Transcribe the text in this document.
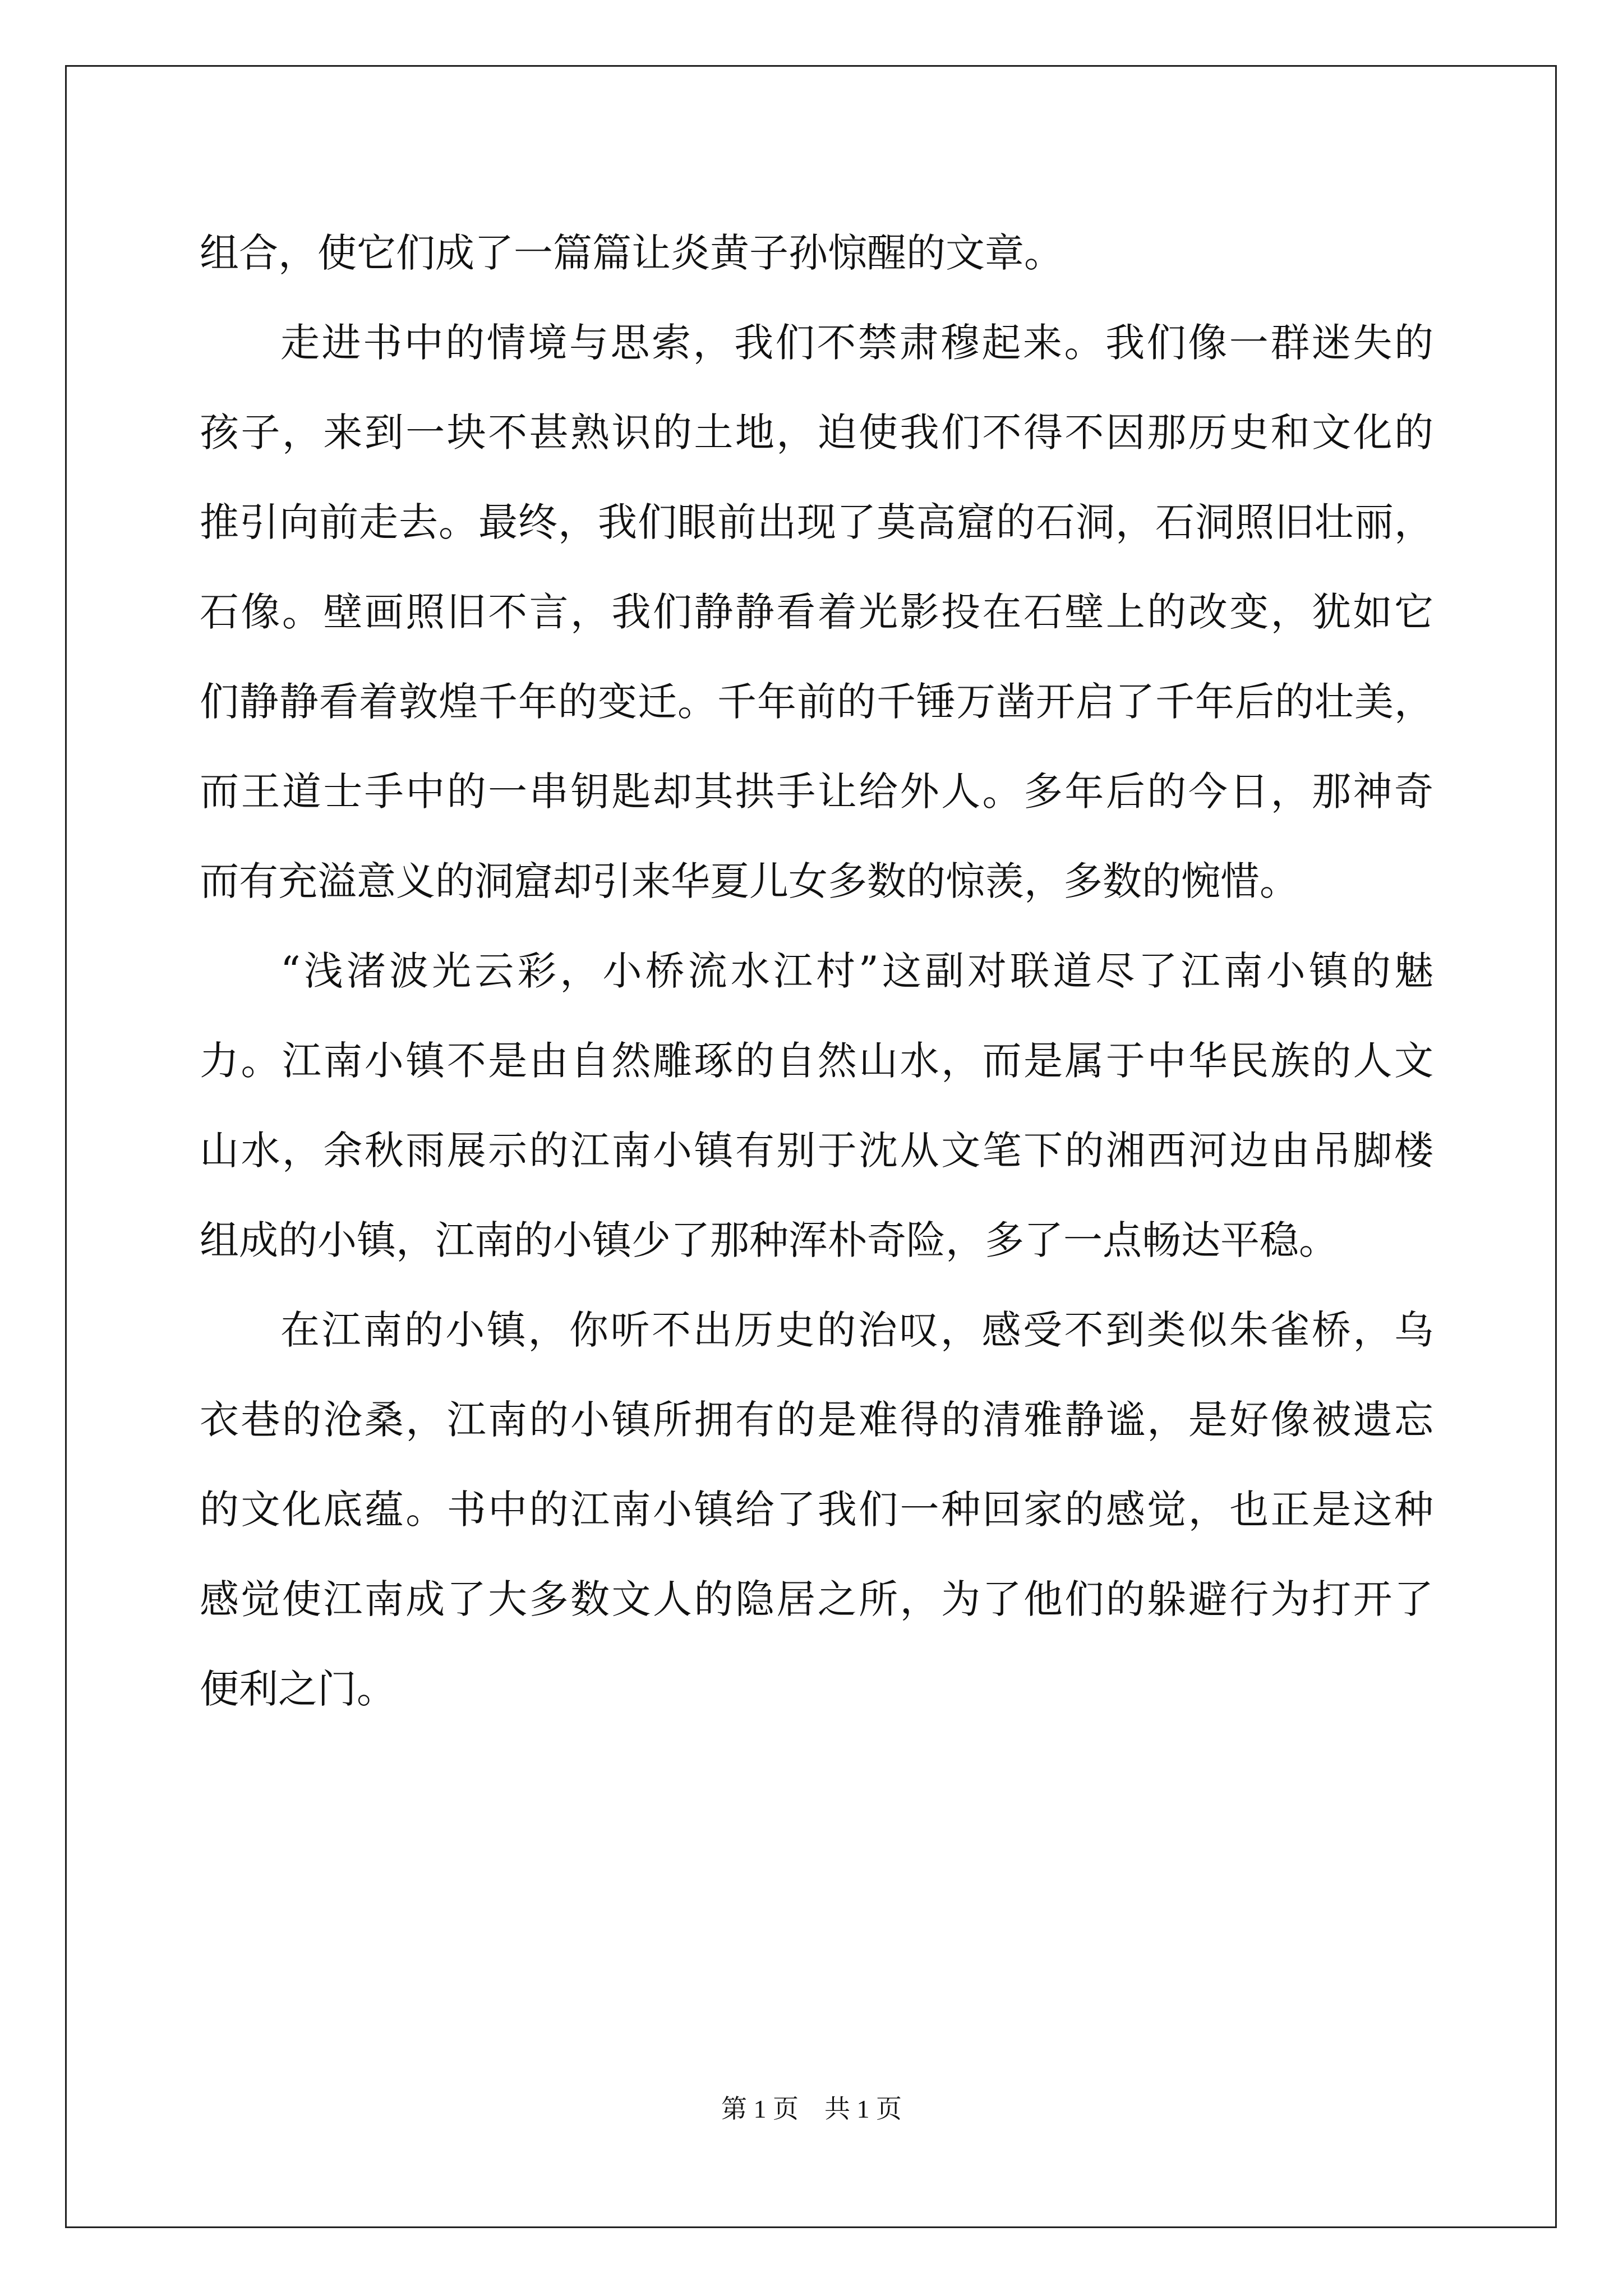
组合，使它们成了一篇篇让炎黄子孙惊醒的文章。
走进书中的情境与思索，我们不禁肃穆起来。我们像一群迷失的
孩子，来到一块不甚熟识的土地，迫使我们不得不因那历史和文化的
推引向前走去。最终，我们眼前出现了莫高窟的石洞，石洞照旧壮丽，
石像。壁画照旧不言，我们静静看着光影投在石壁上的改变，犹如它
们静静看着敦煌千年的变迁。千年前的千锤万凿开启了千年后的壮美，
而王道士手中的一串钥匙却其拱手让给外人。多年后的今日，那神奇
而有充溢意义的洞窟却引来华夏儿女多数的惊羡，多数的惋惜。
“浅渚波光云彩，小桥流水江村”这副对联道尽了江南小镇的魅
力。江南小镇不是由自然雕琢的自然山水，而是属于中华民族的人文
山水，余秋雨展示的江南小镇有别于沈从文笔下的湘西河边由吊脚楼
组成的小镇，江南的小镇少了那种浑朴奇险，多了一点畅达平稳。
在江南的小镇，你听不出历史的治叹，感受不到类似朱雀桥，乌
衣巷的沧桑，江南的小镇所拥有的是难得的清雅静谧，是好像被遗忘
的文化底蕴。书中的江南小镇给了我们一种回家的感觉，也正是这种
感觉使江南成了大多数文人的隐居之所，为了他们的躲避行为打开了
便利之门。
第 1 页 共 1 页
